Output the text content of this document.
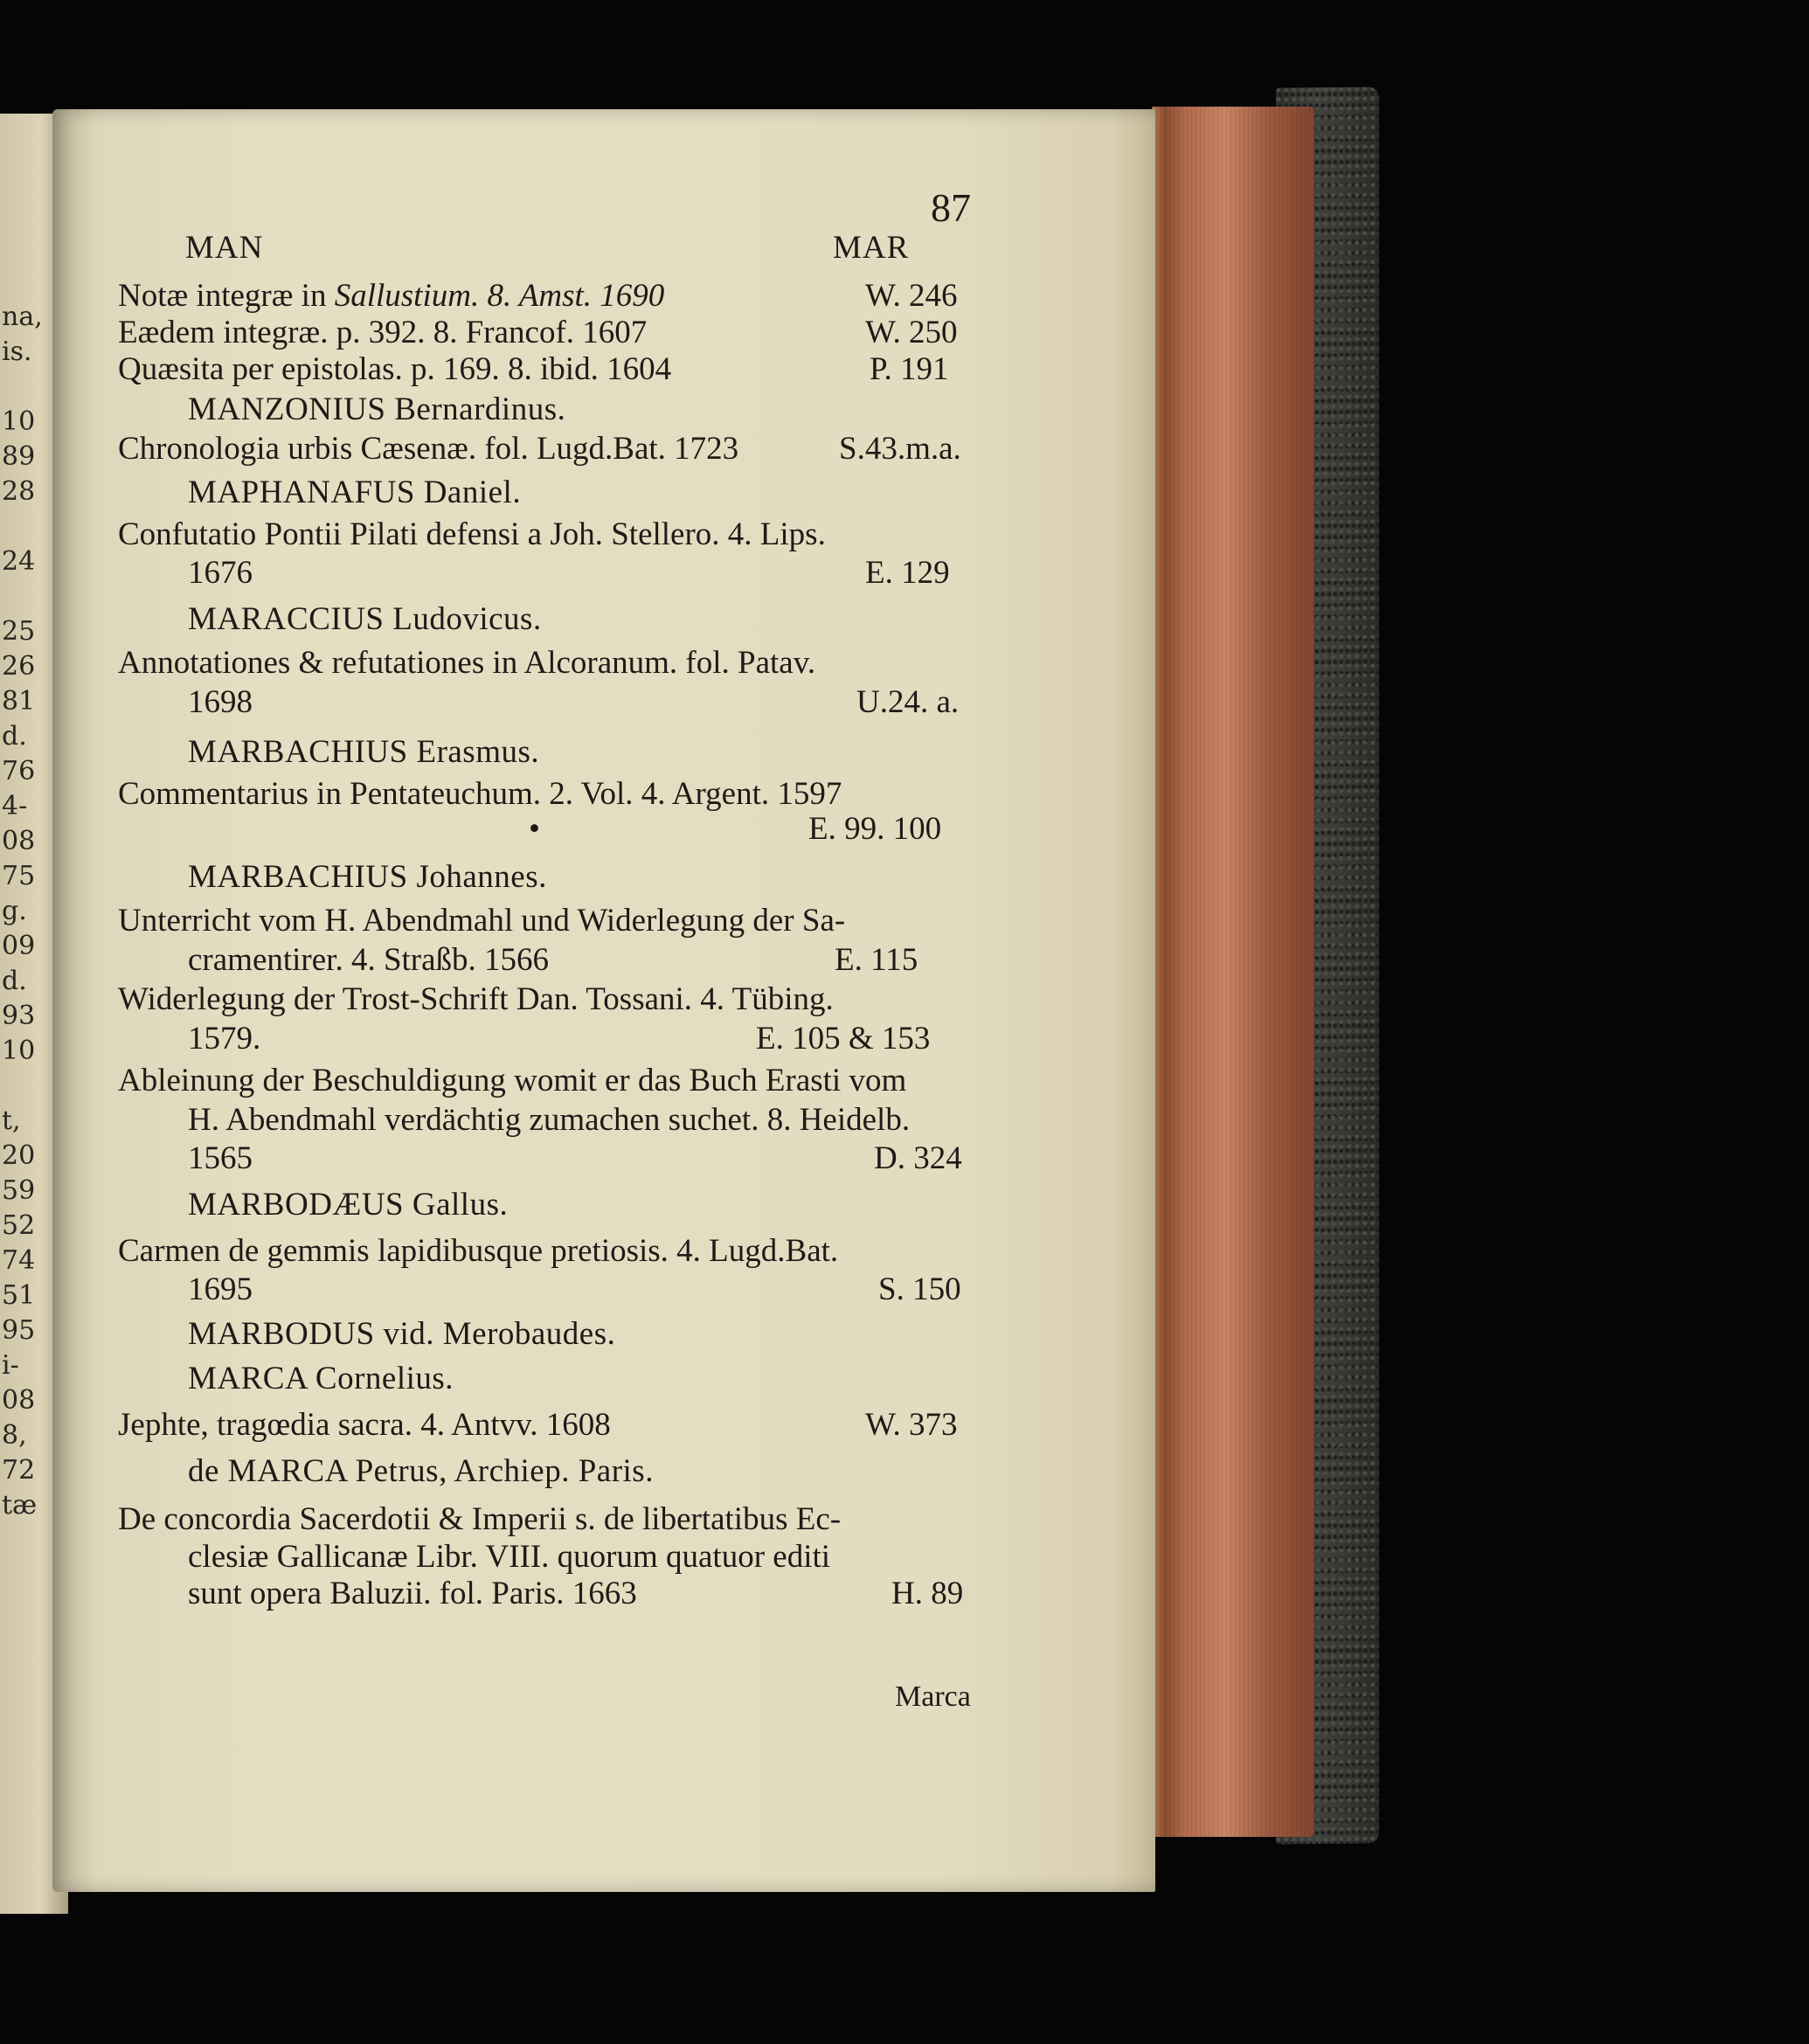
na,
is.
10
89
28
24
25
26
81
d.
76
4-
08
75
g.
09
d.
93
10
t,
20
59
52
74
51
95
i-
08
8,
72
tæ
87
MAN	MAR
Notæ integræ in Sallustium. 8. Amst. 1690	W. 246
Eædem integræ. p. 392. 8. Francof. 1607	W. 250
Quæsita per epistolas. p. 169. 8. ibid. 1604	P. 191
MANZONIUS Bernardinus.
Chronologia urbis Cæsenæ. fol. Lugd.Bat. 1723	S.43.m.a.
MAPHANAFUS Daniel.
Confutatio Pontii Pilati defensi a Joh. Stellero. 4. Lips.
1676	E. 129
MARACCIUS Ludovicus.
Annotationes & refutationes in Alcoranum. fol. Patav.
1698	U.24. a.
MARBACHIUS Erasmus.
Commentarius in Pentateuchum. 2. Vol. 4. Argent. 1597
•	E. 99. 100
MARBACHIUS Johannes.
Unterricht vom H. Abendmahl und Widerlegung der Sa-
cramentirer. 4. Straßb. 1566	E. 115
Widerlegung der Trost-Schrift Dan. Tossani. 4. Tübing.
1579.	E. 105 & 153
Ableinung der Beschuldigung womit er das Buch Erasti vom
H. Abendmahl verdächtig zumachen suchet. 8. Heidelb.
1565	D. 324
MARBODÆUS Gallus.
Carmen de gemmis lapidibusque pretiosis. 4. Lugd.Bat.
1695	S. 150
MARBODUS vid. Merobaudes.
MARCA Cornelius.
Jephte, tragœdia sacra. 4. Antvv. 1608	W. 373
de MARCA Petrus, Archiep. Paris.
De concordia Sacerdotii & Imperii s. de libertatibus Ec-
clesiæ Gallicanæ Libr. VIII. quorum quatuor editi
sunt opera Baluzii. fol. Paris. 1663	H. 89
Marca
